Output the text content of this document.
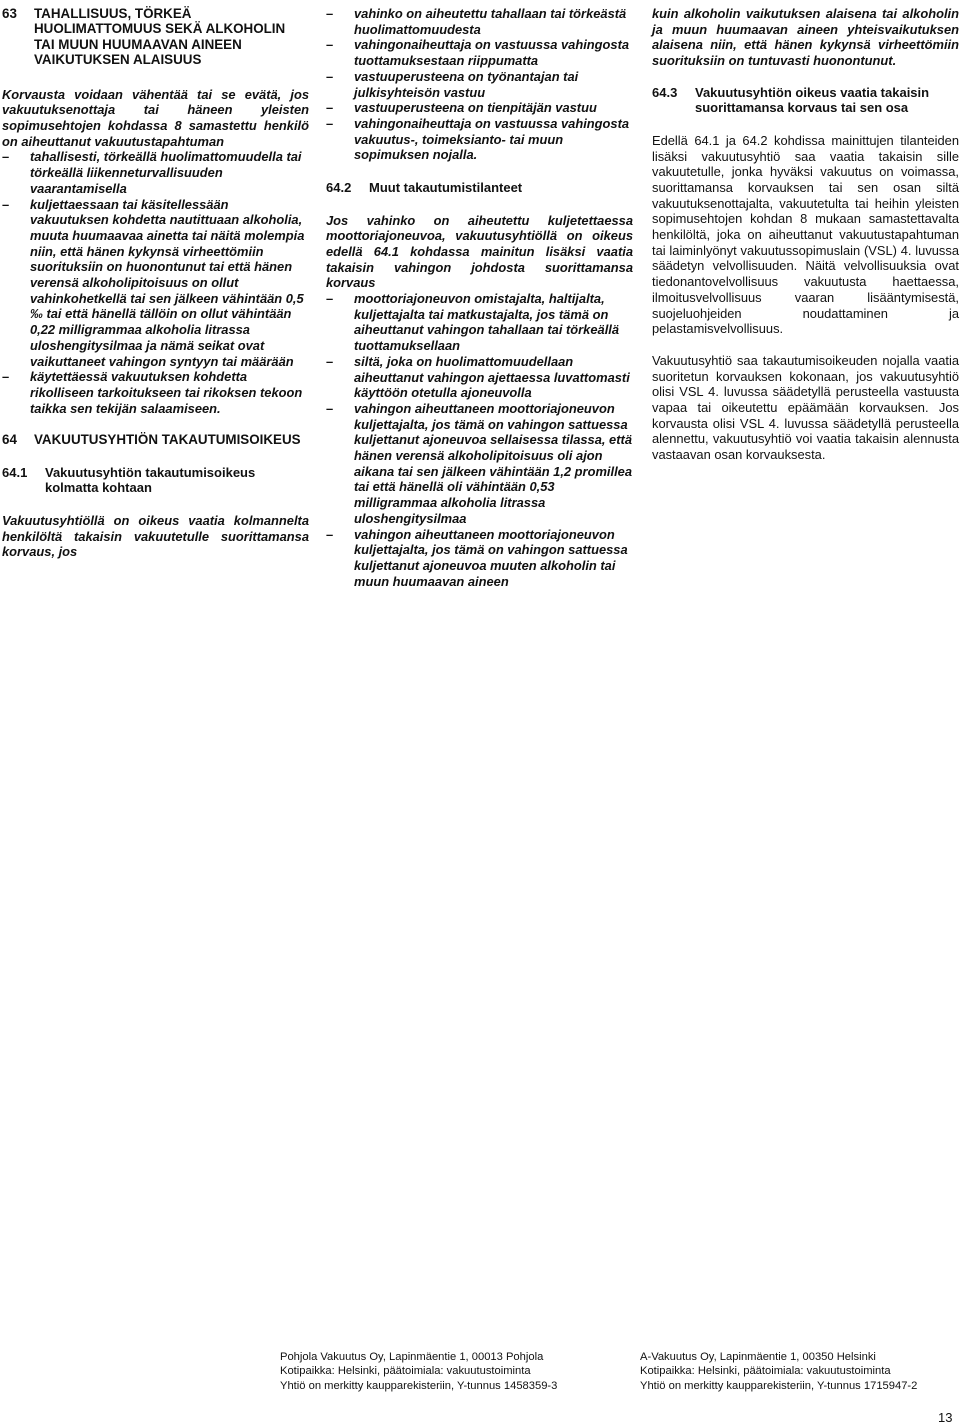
63	TAHALLISUUS, TÖRKEÄ HUOLIMATTOMUUS SEKÄ ALKOHOLIN TAI MUUN HUUMAAVAN AINEEN VAIKUTUKSEN ALAISUUS

Korvausta voidaan vähentää tai se evätä, jos vakuutuksenottaja tai häneen yleisten sopimusehtojen kohdassa 8 samastettu henkilö on aiheuttanut vakuutustapahtuman

– tahallisesti, törkeällä huolimattomuudella tai törkeällä liikenneturvallisuuden vaarantamisella
– kuljettaessaan tai käsitellessään vakuutuksen kohdetta nautittuaan alkoholia, muuta huumaavaa ainetta tai näitä molempia niin, että hänen kykynsä virheettömiin suorituksiin on huonontunut tai että hänen verensä alkoholipitoisuus on ollut vahinkohetkellä tai sen jälkeen vähintään 0,5 ‰ tai että hänellä tällöin on ollut vähintään 0,22 milligrammaa alkoholia litrassa uloshengitysilmaa ja nämä seikat ovat vaikuttaneet vahingon syntyyn tai määrään
– käytettäessä vakuutuksen kohdetta rikolliseen tarkoitukseen tai rikoksen tekoon taikka sen tekijän salaamiseen.
64	VAKUUTUSYHTIÖN TAKAUTUMISOIKEUS
64.1	Vakuutusyhtiön takautumisoikeus kolmatta kohtaan

Vakuutusyhtiöllä on oikeus vaatia kolmannelta henkilöltä takaisin vakuutetulle suorittamansa korvaus, jos

– vahinko on aiheutettu tahallaan tai törkeästä huolimattomuudesta
– vahingonaiheuttaja on vastuussa vahingosta tuottamuksestaan riippumatta
– vastuuperusteena on työnantajan tai julkisyhteisön vastuu
– vastuuperusteena on tienpitäjän vastuu
– vahingonaiheuttaja on vastuussa vahingosta vakuutus-, toimeksianto- tai muun sopimuksen nojalla.
64.2	Muut takautumistilanteet

Jos vahinko on aiheutettu kuljetettaessa moottoriajoneuvoa, vakuutusyhtiöllä on oikeus edellä 64.1 kohdassa mainitun lisäksi vaatia takaisin vahingon johdosta suorittamansa korvaus

– moottoriajoneuvon omistajalta, haltijalta, kuljettajalta tai matkustajalta, jos tämä on aiheuttanut vahingon tahallaan tai törkeällä tuottamuksellaan
– siltä, joka on huolimattomuudellaan aiheuttanut vahingon ajettaessa luvattomasti käyttöön otetulla ajoneuvolla
– vahingon aiheuttaneen moottoriajoneuvon kuljettajalta, jos tämä on vahingon sattuessa kuljettanut ajoneuvoa sellaisessa tilassa, että hänen verensä alkoholipitoisuus oli ajon aikana tai sen jälkeen vähintään 1,2 promillea tai että hänellä oli vähintään 0,53 milligrammaa alkoholia litrassa uloshengitysilmaa
– vahingon aiheuttaneen moottoriajoneuvon kuljettajalta, jos tämä on vahingon sattuessa kuljettanut ajoneuvoa muuten alkoholin tai muun huumaavan aineen

kuin alkoholin vaikutuksen alaisena tai alkoholin ja muun huumaavan aineen yhteisvaikutuksen alaisena niin, että hänen kykynsä virheettömiin suorituksiin on tuntuvasti huonontunut.

64.3	Vakuutusyhtiön oikeus vaatia takaisin suorittamansa korvaus tai sen osa

Edellä 64.1 ja 64.2 kohdissa mainittujen tilanteiden lisäksi vakuutusyhtiö saa vaatia takaisin sille vakuutetulle, jonka hyväksi vakuutus on voimassa, suorittamansa korvauksen tai sen osan siltä vakuutuksenottajalta, vakuutetulta tai heihin yleisten sopimusehtojen kohdan 8 mukaan samastettavalta henkilöltä, joka on aiheuttanut vakuutustapahtuman tai laiminlyönyt vakuutussopimuslain (VSL) 4. luvussa säädetyn velvollisuuden. Näitä velvollisuuksia ovat tiedonantovelvollisuus vakuutusta haettaessa, ilmoitusvelvollisuus vaaran lisääntymisestä, suojeluohjeiden noudattaminen ja pelastamisvelvollisuus.

Vakuutusyhtiö saa takautumisoikeuden nojalla vaatia suoritetun korvauksen kokonaan, jos vakuutusyhtiö olisi VSL 4. luvussa säädetyllä perusteella vastuusta vapaa tai oikeutettu epäämään korvauksen. Jos korvausta olisi VSL 4. luvussa säädetyllä perusteella alennettu, vakuutusyhtiö voi vaatia takaisin alennusta vastaavan osan korvauksesta.

Pohjola Vakuutus Oy, Lapinmäentie 1, 00013 Pohjola
Kotipaikka: Helsinki, päätoimiala: vakuutustoiminta
Yhtiö on merkitty kaupparekisteriin, Y-tunnus 1458359-3
A-Vakuutus Oy, Lapinmäentie 1, 00350 Helsinki
Kotipaikka: Helsinki, päätoimiala: vakuutustoiminta
Yhtiö on merkitty kaupparekisteriin, Y-tunnus 1715947-2
13
